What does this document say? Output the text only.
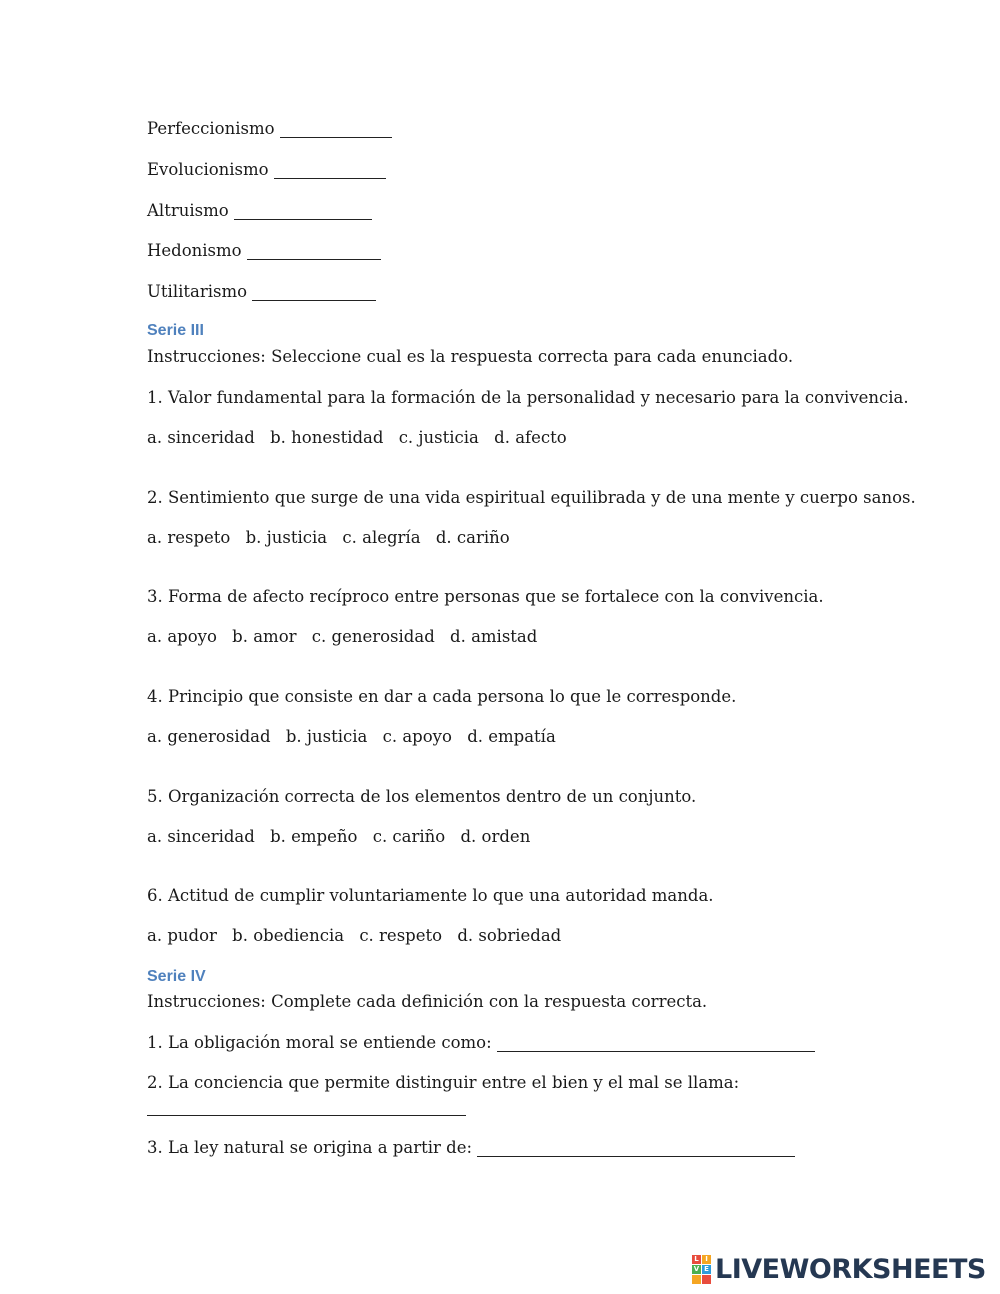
Perfeccionismo
Evolucionismo
Altruismo
Hedonismo
Utilitarismo
Serie III
Instrucciones: Seleccione cual es la respuesta correcta para cada enunciado.
1. Valor fundamental para la formación de la personalidad y necesario para la convivencia.
a. sinceridad b. honestidad c. justicia d. afecto
2. Sentimiento que surge de una vida espiritual equilibrada y de una mente y cuerpo sanos.
a. respeto b. justicia c. alegría d. cariño
3. Forma de afecto recíproco entre personas que se fortalece con la convivencia.
a. apoyo b. amor c. generosidad d. amistad
4. Principio que consiste en dar a cada persona lo que le corresponde.
a. generosidad b. justicia c. apoyo d. empatía
5. Organización correcta de los elementos dentro de un conjunto.
a. sinceridad b. empeño c. cariño d. orden
6. Actitud de cumplir voluntariamente lo que una autoridad manda.
a. pudor b. obediencia c. respeto d. sobriedad
Serie IV
Instrucciones: Complete cada definición con la respuesta correcta.
1. La obligación moral se entiende como:
2. La conciencia que permite distinguir entre el bien y el mal se llama:
3. La ley natural se origina a partir de:
L I
V E LIVEWORKSHEETS
